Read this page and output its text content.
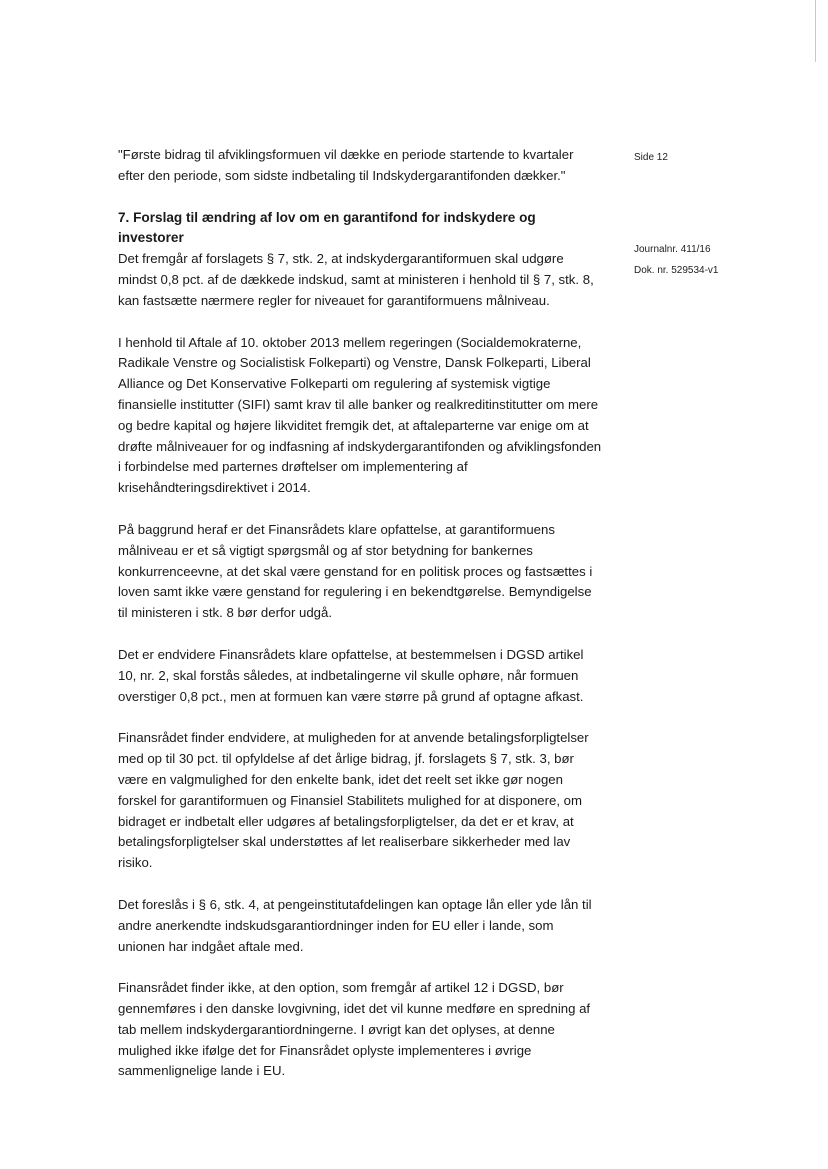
Side 12
Journalnr. 411/16
Dok. nr. 529534-v1

"Første bidrag til afviklingsformuen vil dække en periode startende to kvartaler efter den periode, som sidste indbetaling til Indskydergarantifonden dækker."

7. Forslag til ændring af lov om en garantifond for indskydere og investorer

Det fremgår af forslagets § 7, stk. 2, at indskydergarantiformuen skal udgøre mindst 0,8 pct. af de dækkede indskud, samt at ministeren i henhold til § 7, stk. 8, kan fastsætte nærmere regler for niveauet for garantiformuens målniveau.

I henhold til Aftale af 10. oktober 2013 mellem regeringen (Socialdemokraterne, Radikale Venstre og Socialistisk Folkeparti) og Venstre, Dansk Folkeparti, Liberal Alliance og Det Konservative Folkeparti om regulering af systemisk vigtige finansielle institutter (SIFI) samt krav til alle banker og realkreditinstitutter om mere og bedre kapital og højere likviditet fremgik det, at aftaleparterne var enige om at drøfte målniveauer for og indfasning af indskydergarantifonden og afviklingsfonden i forbindelse med parternes drøftelser om implementering af krisehåndteringsdirektivet i 2014.

På baggrund heraf er det Finansrådets klare opfattelse, at garantiformuens målniveau er et så vigtigt spørgsmål og af stor betydning for bankernes konkurrenceevne, at det skal være genstand for en politisk proces og fastsættes i loven samt ikke være genstand for regulering i en bekendtgørelse. Bemyndigelse til ministeren i stk. 8 bør derfor udgå.

Det er endvidere Finansrådets klare opfattelse, at bestemmelsen i DGSD artikel 10, nr. 2, skal forstås således, at indbetalingerne vil skulle ophøre, når formuen overstiger 0,8 pct., men at formuen kan være større på grund af optagne afkast.

Finansrådet finder endvidere, at muligheden for at anvende betalingsforpligtelser med op til 30 pct. til opfyldelse af det årlige bidrag, jf. forslagets § 7, stk. 3, bør være en valgmulighed for den enkelte bank, idet det reelt set ikke gør nogen forskel for garantiformuen og Finansiel Stabilitets mulighed for at disponere, om bidraget er indbetalt eller udgøres af betalingsforpligtelser, da det er et krav, at betalingsforpligtelser skal understøttes af let realiserbare sikkerheder med lav risiko.

Det foreslås i § 6, stk. 4, at pengeinstitutafdelingen kan optage lån eller yde lån til andre anerkendte indskudsgarantiordninger inden for EU eller i lande, som unionen har indgået aftale med.

Finansrådet finder ikke, at den option, som fremgår af artikel 12 i DGSD, bør gennemføres i den danske lovgivning, idet det vil kunne medføre en spredning af tab mellem indskydergarantiordningerne. I øvrigt kan det oplyses, at denne mulighed ikke ifølge det for Finansrådet oplyste implementeres i øvrige sammenlignelige lande i EU.
